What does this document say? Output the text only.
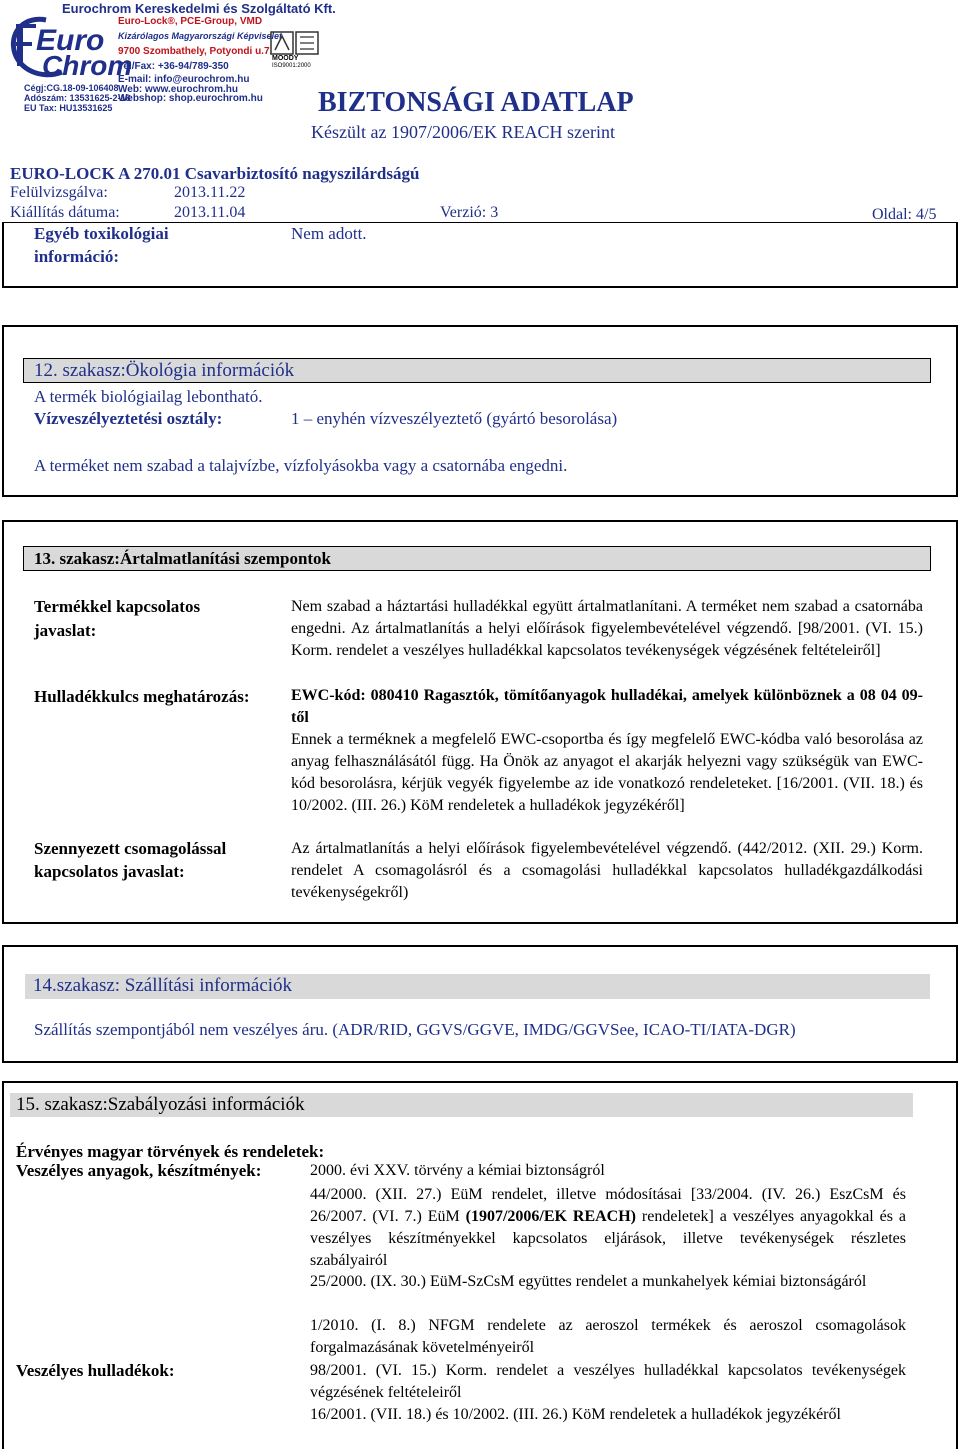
Euro
Chrom
Eurochrom Kereskedelmi és Szolgáltató Kft.
Euro-Lock®, PCE-Group, VMD
Kizárólagos Magyarországi Képviselet
9700 Szombathely, Potyondi u.7.
Tel/Fax: +36-94/789-350
E-mail: info@eurochrom.hu
Web: www.eurochrom.hu
Webshop: shop.eurochrom.hu
Cégj:CG.18-09-106408
Adószám: 13531625-2-18
EU Tax: HU13531625
MOODY
ISO9001:2000
BIZTONSÁGI ADATLAP
Készült az 1907/2006/EK REACH szerint
EURO-LOCK A 270.01 Csavarbiztosító nagyszilárdságú
Felülvizsgálva:	2013.11.22
Kiállítás dátuma:	2013.11.04	Verzió: 3	Oldal: 4/5
Egyéb toxikológiai
információ:
Nem adott.
12. szakasz:Ökológia információk
A termék biológiailag lebontható.
Vízveszélyeztetési osztály:	1 – enyhén vízveszélyeztető (gyártó besorolása)
A terméket nem szabad a talajvízbe, vízfolyásokba vagy a csatornába engedni.
13. szakasz:Ártalmatlanítási szempontok
Termékkel kapcsolatos
javaslat:
Nem szabad a háztartási hulladékkal együtt ártalmatlanítani. A terméket nem szabad a csatornába engedni. Az ártalmatlanítás a helyi előírások figyelembevételével végzendő. [98/2001. (VI. 15.) Korm. rendelet a veszélyes hulladékkal kapcsolatos tevékenységek végzésének feltételeiről]
Hulladékkulcs meghatározás:	EWC-kód: 080410 Ragasztók, tömítőanyagok hulladékai, amelyek különböznek a 08 04 09-től
Ennek a terméknek a megfelelő EWC-csoportba és így megfelelő EWC-kódba való besorolása az anyag felhasználásától függ. Ha Önök az anyagot el akarják helyezni vagy szükségük van EWC-kód besorolásra, kérjük vegyék figyelembe az ide vonatkozó rendeleteket. [16/2001. (VII. 18.) és 10/2002. (III. 26.) KöM rendeletek a hulladékok jegyzékéről]
Szennyezett csomagolással
kapcsolatos javaslat:
Az ártalmatlanítás a helyi előírások figyelembevételével végzendő. (442/2012. (XII. 29.) Korm. rendelet A csomagolásról és a csomagolási hulladékkal kapcsolatos hulladékgazdálkodási tevékenységekről)
14.szakasz: Szállítási információk
Szállítás szempontjából nem veszélyes áru. (ADR/RID, GGVS/GGVE, IMDG/GGVSee, ICAO-TI/IATA-DGR)
15. szakasz:Szabályozási információk
Érvényes magyar törvények és rendeletek:
Veszélyes anyagok, készítmények:	2000. évi XXV. törvény a kémiai biztonságról
44/2000. (XII. 27.) EüM rendelet, illetve módosításai [33/2004. (IV. 26.) EszCsM és 26/2007. (VI. 7.) EüM (1907/2006/EK REACH) rendeletek] a veszélyes anyagokkal és a veszélyes készítményekkel kapcsolatos eljárások, illetve tevékenységek részletes szabályairól
25/2000. (IX. 30.) EüM-SzCsM együttes rendelet a munkahelyek kémiai biztonságáról
1/2010. (I. 8.) NFGM rendelete az aeroszol termékek és aeroszol csomagolások forgalmazásának követelményeiről
Veszélyes hulladékok:	98/2001. (VI. 15.) Korm. rendelet a veszélyes hulladékkal kapcsolatos tevékenységek végzésének feltételeiről
16/2001. (VII. 18.) és 10/2002. (III. 26.) KöM rendeletek a hulladékok jegyzékéről
